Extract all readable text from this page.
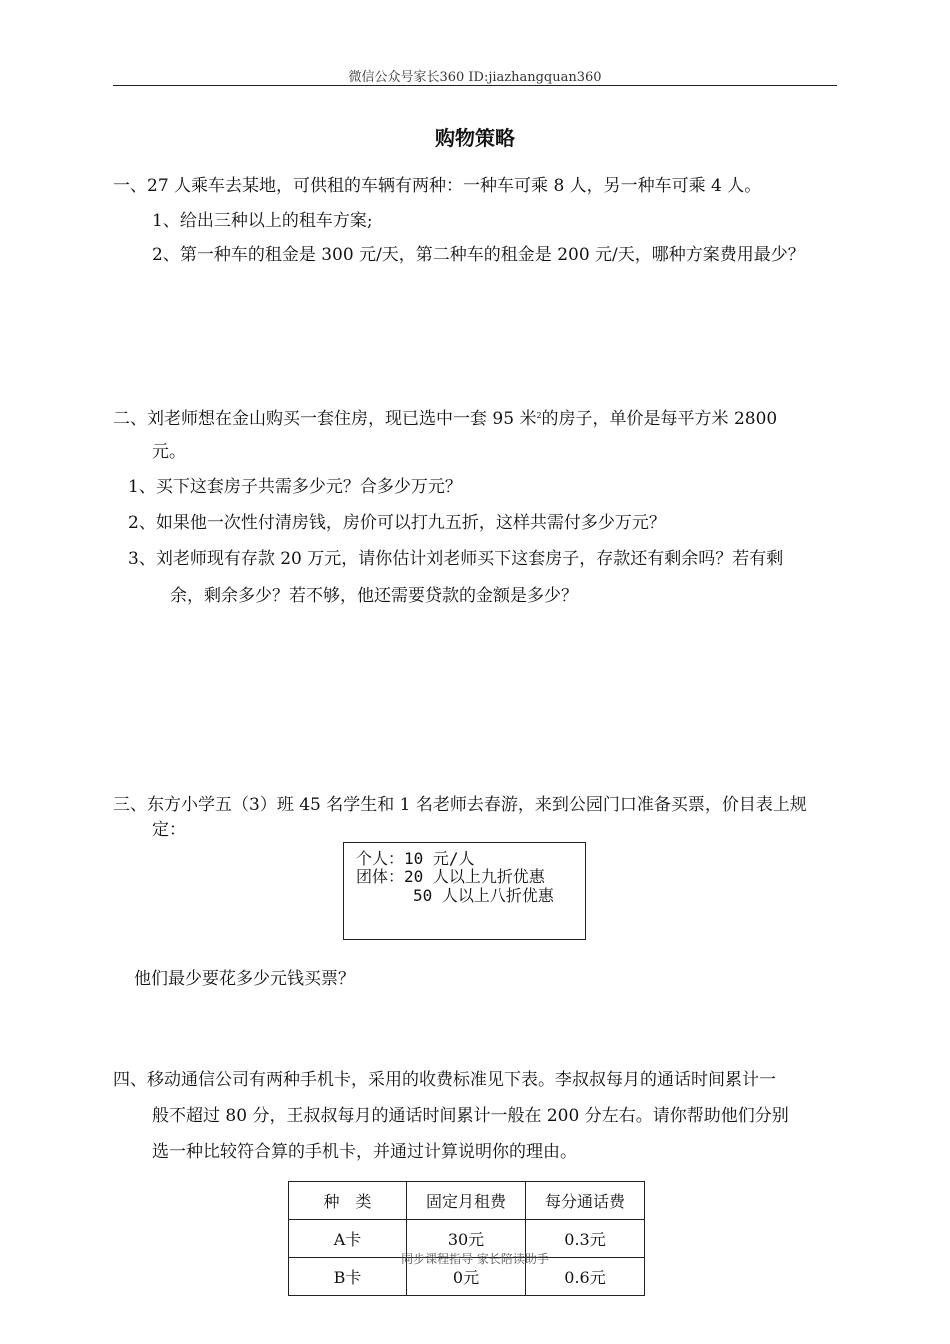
微信公众号家长360 ID:jiazhangquan360
购物策略
一、27 人乘车去某地，可供租的车辆有两种：一种车可乘 8 人，另一种车可乘 4 人。
1、给出三种以上的租车方案;
2、第一种车的租金是 300 元/天，第二种车的租金是 200 元/天，哪种方案费用最少？
二、刘老师想在金山购买一套住房，现已选中一套 95 米$^2$的房子，单价是每平方米 2800
元。
1、买下这套房子共需多少元？合多少万元？
2、如果他一次性付清房钱，房价可以打九五折，这样共需付多少万元？
3、刘老师现有存款 20 万元，请你估计刘老师买下这套房子，存款还有剩余吗？若有剩
余，剩余多少？若不够，他还需要贷款的金额是多少？
三、东方小学五（3）班 45 名学生和 1 名老师去春游，来到公园门口准备买票，价目表上规
定：
个人：10 元/人
团体：20 人以上九折优惠
50 人以上八折优惠
他们最少要花多少元钱买票？
四、移动通信公司有两种手机卡，采用的收费标准见下表。李叔叔每月的通话时间累计一
般不超过 80 分，王叔叔每月的通话时间累计一般在 200 分左右。请你帮助他们分别
选一种比较符合算的手机卡，并通过计算说明你的理由。
种　类	固定月租费	每分通话费
A卡	30元	0.3元
B卡	0元	0.6元
同步课程指导 家长陪读助手
